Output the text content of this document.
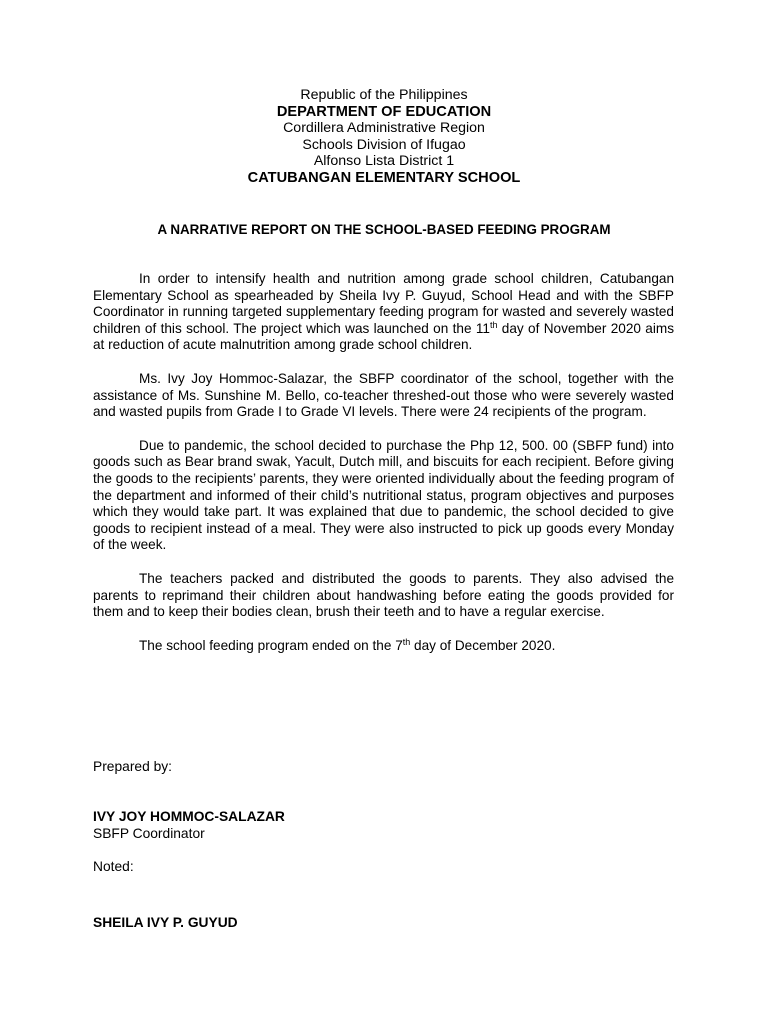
Republic of the Philippines
DEPARTMENT OF EDUCATION
Cordillera Administrative Region
Schools Division of Ifugao
Alfonso Lista District 1
CATUBANGAN ELEMENTARY SCHOOL
A NARRATIVE REPORT ON THE SCHOOL-BASED FEEDING PROGRAM

In order to intensify health and nutrition among grade school children, Catubangan Elementary School as spearheaded by Sheila Ivy P. Guyud, School Head and with the SBFP Coordinator in running targeted supplementary feeding program for wasted and severely wasted children of this school. The project which was launched on the 11th day of November 2020 aims at reduction of acute malnutrition among grade school children.

Ms. Ivy Joy Hommoc-Salazar, the SBFP coordinator of the school, together with the assistance of Ms. Sunshine M. Bello, co-teacher threshed-out those who were severely wasted and wasted pupils from Grade I to Grade VI levels. There were 24 recipients of the program.

Due to pandemic, the school decided to purchase the Php 12, 500. 00 (SBFP fund) into goods such as Bear brand swak, Yacult, Dutch mill, and biscuits for each recipient. Before giving the goods to the recipients’ parents, they were oriented individually about the feeding program of the department and informed of their child’s nutritional status, program objectives and purposes which they would take part. It was explained that due to pandemic, the school decided to give goods to recipient instead of a meal. They were also instructed to pick up goods every Monday of the week.

The teachers packed and distributed the goods to parents. They also advised the parents to reprimand their children about handwashing before eating the goods provided for them and to keep their bodies clean, brush their teeth and to have a regular exercise.

The school feeding program ended on the 7th day of December 2020.

Prepared by:
IVY JOY HOMMOC-SALAZAR
SBFP Coordinator
Noted:
SHEILA IVY P. GUYUD
